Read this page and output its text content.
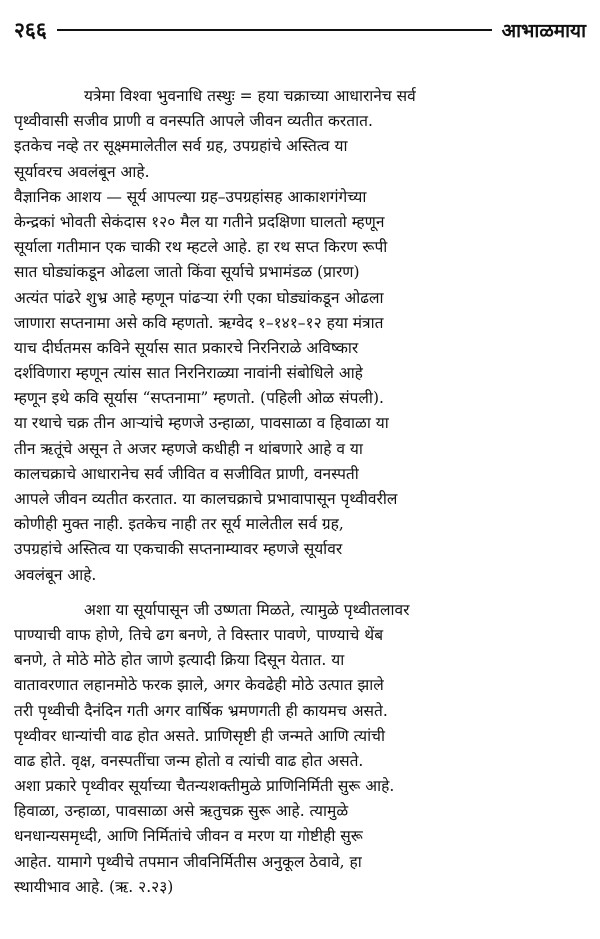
२६६	आभाळमाया
यत्रेमा विश्वा भुवनाधि तस्थुः = हया चक्राच्या आधारानेच सर्व
पृथ्वीवासी सजीव प्राणी व वनस्पति आपले जीवन व्यतीत करतात.
इतकेच नव्हे तर सूक्ष्ममालेतील सर्व ग्रह, उपग्रहांचे अस्तित्व या
सूर्यावरच अवलंबून आहे.
वैज्ञानिक आशय — सूर्य आपल्या ग्रह–उपग्रहांसह आकाशगंगेच्या
केन्द्रकां भोवती सेकंदास १२० मैल या गतीने प्रदक्षिणा घालतो म्हणून
सूर्याला गतीमान एक चाकी रथ म्हटले आहे. हा रथ सप्त किरण रूपी
सात घोड्यांकडून ओढला जातो किंवा सूर्याचे प्रभामंडळ (प्रारण)
अत्यंत पांढरे शुभ्र आहे म्हणून पांढऱ्या रंगी एका घोड्यांकडून ओढला
जाणारा सप्तनामा असे कवि म्हणतो. ऋग्वेद १–१४१–१२ हया मंत्रात
याच दीर्घतमस कविने सूर्यास सात प्रकारचे निरनिराळे अविष्कार
दर्शविणारा म्हणून त्यांस सात निरनिराळ्या नावांनी संबोधिले आहे
म्हणून इथे कवि सूर्यास “सप्तनामा” म्हणतो. (पहिली ओळ संपली).
या रथाचे चक्र तीन आऱ्यांचे म्हणजे उन्हाळा, पावसाळा व हिवाळा या
तीन ऋतूंचे असून ते अजर म्हणजे कधीही न थांबणारे आहे व या
कालचक्राचे आधारानेच सर्व जीवित व सजीवित प्राणी, वनस्पती
आपले जीवन व्यतीत करतात. या कालचक्राचे प्रभावापासून पृथ्वीवरील
कोणीही मुक्त नाही. इतकेच नाही तर सूर्य मालेतील सर्व ग्रह,
उपग्रहांचे अस्तित्व या एकचाकी सप्तनाम्यावर म्हणजे सूर्यावर
अवलंबून आहे.
अशा या सूर्यापासून जी उष्णता मिळते, त्यामुळे पृथ्वीतलावर
पाण्याची वाफ होणे, तिचे ढग बनणे, ते विस्तार पावणे, पाण्याचे थेंब
बनणे, ते मोठे मोठे होत जाणे इत्यादी क्रिया दिसून येतात. या
वातावरणात लहानमोठे फरक झाले, अगर केवढेही मोठे उत्पात झाले
तरी पृथ्वीची दैनंदिन गती अगर वार्षिक भ्रमणगती ही कायमच असते.
पृथ्वीवर धान्यांची वाढ होत असते. प्राणिसृष्टी ही जन्मते आणि त्यांची
वाढ होते. वृक्ष, वनस्पतींचा जन्म होतो व त्यांची वाढ होत असते.
अशा प्रकारे पृथ्वीवर सूर्याच्या चैतन्यशक्तीमुळे प्राणिनिर्मिती सुरू आहे.
हिवाळा, उन्हाळा, पावसाळा असे ऋतुचक्र सुरू आहे. त्यामुळे
धनधान्यसमृध्दी, आणि निर्मितांचे जीवन व मरण या गोष्टीही सुरू
आहेत. यामागे पृथ्वीचे तपमान जीवनिर्मितीस अनुकूल ठेवावे, हा
स्थायीभाव आहे. (ऋ. २.२३)
